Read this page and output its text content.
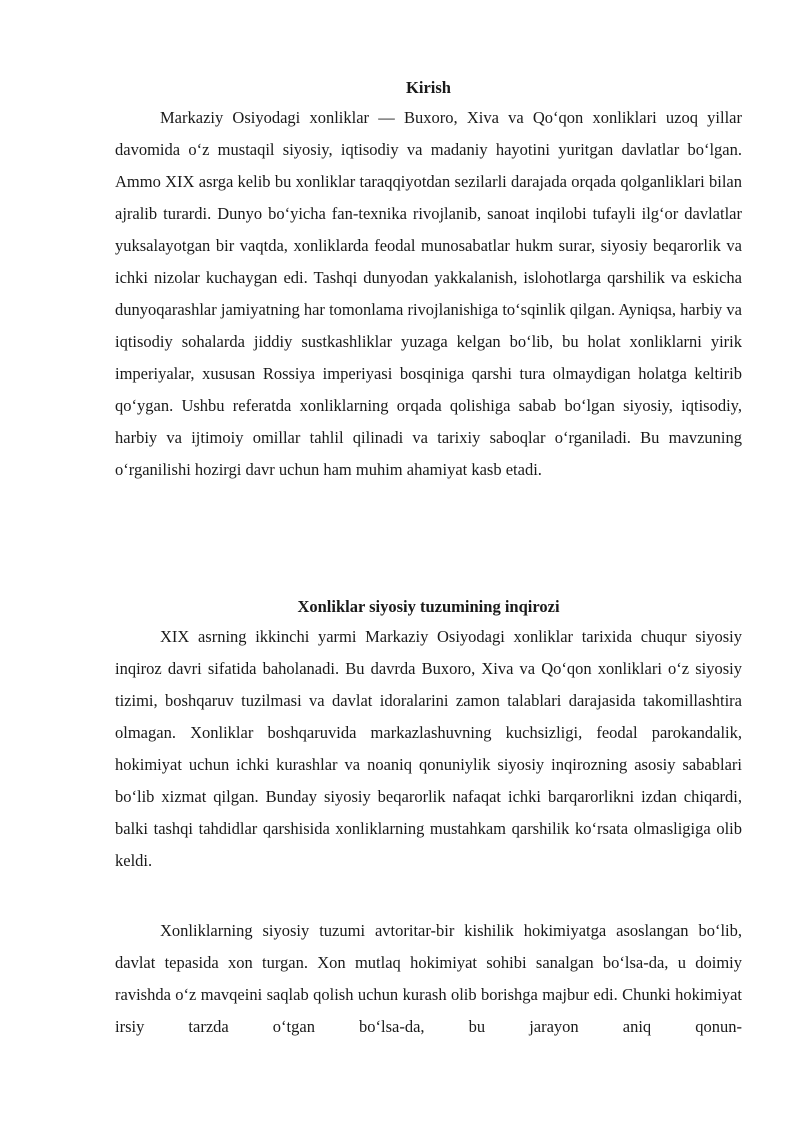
Kirish

Markaziy Osiyodagi xonliklar — Buxoro, Xiva va Qo‘qon xonliklari uzoq yillar davomida o‘z mustaqil siyosiy, iqtisodiy va madaniy hayotini yuritgan davlatlar bo‘lgan. Ammo XIX asrga kelib bu xonliklar taraqqiyotdan sezilarli darajada orqada qolganliklari bilan ajralib turardi. Dunyo bo‘yicha fan-texnika rivojlanib, sanoat inqilobi tufayli ilg‘or davlatlar yuksalayotgan bir vaqtda, xonliklarda feodal munosabatlar hukm surar, siyosiy beqarorlik va ichki nizolar kuchaygan edi. Tashqi dunyodan yakkalanish, islohotlarga qarshilik va eskicha dunyoqarashlar jamiyatning har tomonlama rivojlanishiga to‘sqinlik qilgan. Ayniqsa, harbiy va iqtisodiy sohalarda jiddiy sustkashliklar yuzaga kelgan bo‘lib, bu holat xonliklarni yirik imperiyalar, xususan Rossiya imperiyasi bosqiniga qarshi tura olmaydigan holatga keltirib qo‘ygan. Ushbu referatda xonliklarning orqada qolishiga sabab bo‘lgan siyosiy, iqtisodiy, harbiy va ijtimoiy omillar tahlil qilinadi va tarixiy saboqlar o‘rganiladi. Bu mavzuning o‘rganilishi hozirgi davr uchun ham muhim ahamiyat kasb etadi.

Xonliklar siyosiy tuzumining inqirozi

XIX asrning ikkinchi yarmi Markaziy Osiyodagi xonliklar tarixida chuqur siyosiy inqiroz davri sifatida baholanadi. Bu davrda Buxoro, Xiva va Qo‘qon xonliklari o‘z siyosiy tizimi, boshqaruv tuzilmasi va davlat idoralarini zamon talablari darajasida takomillashtira olmagan. Xonliklar boshqaruvida markazlashuvning kuchsizligi, feodal parokandalik, hokimiyat uchun ichki kurashlar va noaniq qonuniylik siyosiy inqirozning asosiy sabablari bo‘lib xizmat qilgan. Bunday siyosiy beqarorlik nafaqat ichki barqarorlikni izdan chiqardi, balki tashqi tahdidlar qarshisida xonliklarning mustahkam qarshilik ko‘rsata olmasligiga olib keldi.

Xonliklarning siyosiy tuzumi avtoritar-bir kishilik hokimiyatga asoslangan bo‘lib, davlat tepasida xon turgan. Xon mutlaq hokimiyat sohibi sanalgan bo‘lsa-da, u doimiy ravishda o‘z mavqeini saqlab qolish uchun kurash olib borishga majbur edi. Chunki hokimiyat irsiy tarzda o‘tgan bo‘lsa-da, bu jarayon aniq qonun-
